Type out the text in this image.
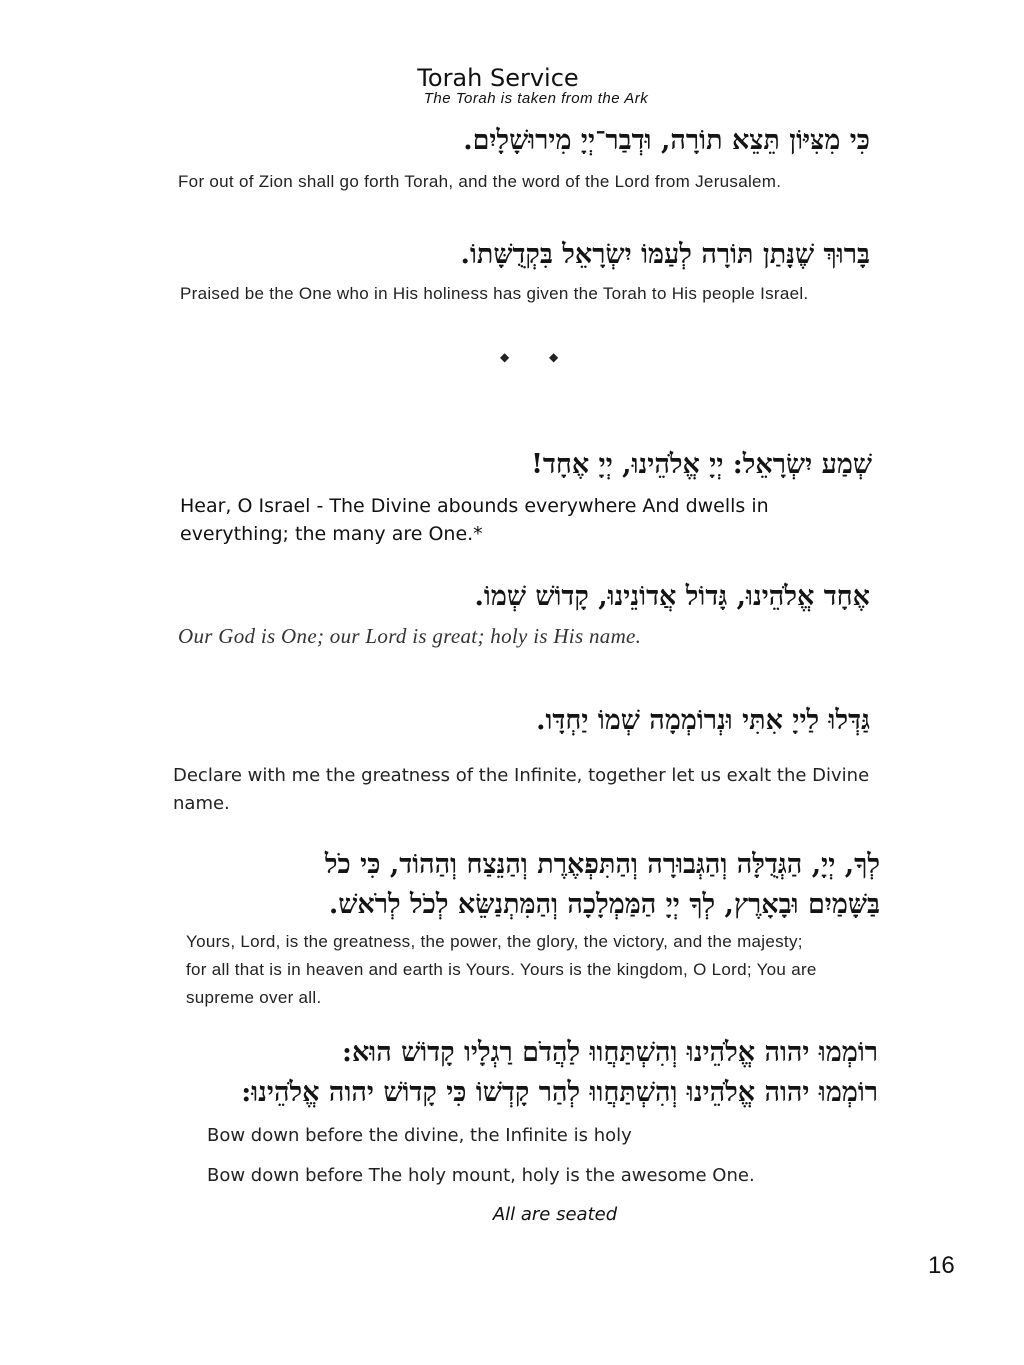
Torah Service
The Torah is taken from the Ark
כִּי מִצִּיּוֹן תֵּצֵא תוֹרָה, וּדְבַר־יְיָ מִירוּשָׁלָיִם.
For out of Zion shall go forth Torah, and the word of the Lord from Jerusalem.
בָּרוּךְ שֶׁנָּתַן תּוֹרָה לְעַמּוֹ יִשְׂרָאֵל בִּקְדֻשָּׁתוֹ.
Praised be the One who in His holiness has given the Torah to His people Israel.
◆ ◆
שְׁמַע יִשְׂרָאֵל: יְיָ אֱלֹהֵינוּ, יְיָ אֶחָד!
Hear, O Israel - The Divine abounds everywhere And dwells in everything; the many are One.*
אֶחָד אֱלֹהֵינוּ, גָּדוֹל אֲדוֹנֵינוּ, קָדוֹשׁ שְׁמוֹ.
Our God is One; our Lord is great; holy is His name.
גַּדְּלוּ לַייָ אִתִּי וּנְרוֹמְמָה שְׁמוֹ יַחְדָּו.
Declare with me the greatness of the Infinite, together let us exalt the Divine name.
לְךָ, יְיָ, הַגְּדֻלָּה וְהַגְּבוּרָה וְהַתִּפְאֶרֶת וְהַנֵּצַח וְהַהוֹד, כִּי כֹל
בַּשָּׁמַיִם וּבָאָרֶץ, לְךָ יְיָ הַמַּמְלָכָה וְהַמִּתְנַשֵּׂא לְכֹל לְרֹאשׁ.
Yours, Lord, is the greatness, the power, the glory, the victory, and the majesty; for all that is in heaven and earth is Yours. Yours is the kingdom, O Lord; You are supreme over all.
רוֹמְמוּ יהוה אֱלֹהֵינוּ וְהִשְׁתַּחֲווּ לַהֲדֹם רַגְלָיו קָדוֹשׁ הוּא:
רוֹמְמוּ יהוה אֱלֹהֵינוּ וְהִשְׁתַּחֲווּ לְהַר קָדְשׁוֹ כִּי קָדוֹשׁ יהוה אֱלֹהֵינוּ:
Bow down before the divine, the Infinite is holy
Bow down before The holy mount, holy is the awesome One.
All are seated
16
